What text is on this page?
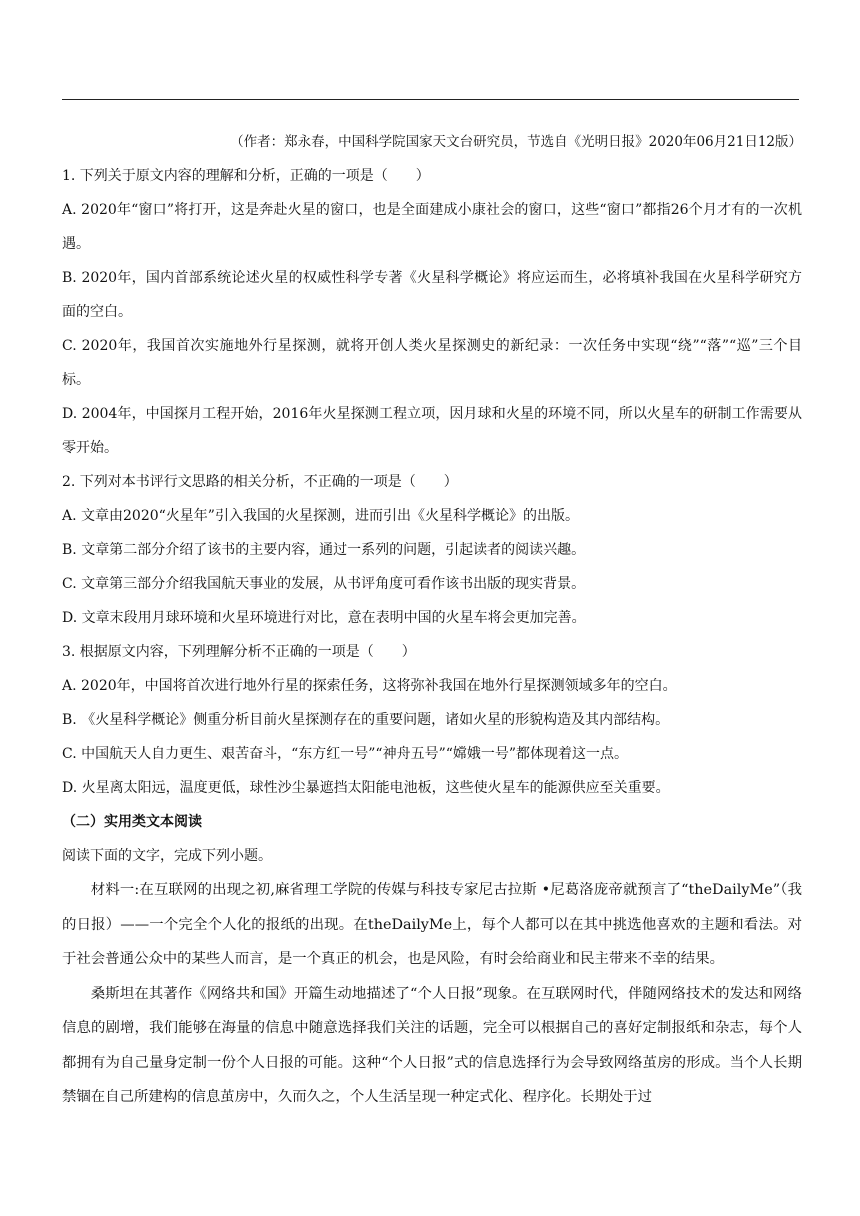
（作者：郑永春，中国科学院国家天文台研究员，节选自《光明日报》2020年06月21日12版）
1. 下列关于原文内容的理解和分析，正确的一项是（　　）
A. 2020年“窗口”将打开，这是奔赴火星的窗口，也是全面建成小康社会的窗口，这些“窗口”都指26个月才有的一次机遇。
B. 2020年，国内首部系统论述火星的权威性科学专著《火星科学概论》将应运而生，必将填补我国在火星科学研究方面的空白。
C. 2020年，我国首次实施地外行星探测，就将开创人类火星探测史的新纪录：一次任务中实现“绕”“落”“巡”三个目标。
D. 2004年，中国探月工程开始，2016年火星探测工程立项，因月球和火星的环境不同，所以火星车的研制工作需要从零开始。
2. 下列对本书评行文思路的相关分析，不正确的一项是（　　）
A. 文章由2020“火星年”引入我国的火星探测，进而引出《火星科学概论》的出版。
B. 文章第二部分介绍了该书的主要内容，通过一系列的问题，引起读者的阅读兴趣。
C. 文章第三部分介绍我国航天事业的发展，从书评角度可看作该书出版的现实背景。
D. 文章末段用月球环境和火星环境进行对比，意在表明中国的火星车将会更加完善。
3. 根据原文内容，下列理解分析不正确的一项是（　　）
A. 2020年，中国将首次进行地外行星的探索任务，这将弥补我国在地外行星探测领域多年的空白。
B. 《火星科学概论》侧重分析目前火星探测存在的重要问题，诸如火星的形貌构造及其内部结构。
C. 中国航天人自力更生、艰苦奋斗，“东方红一号”“神舟五号”“嫦娥一号”都体现着这一点。
D. 火星离太阳远，温度更低，球性沙尘暴遮挡太阳能电池板，这些使火星车的能源供应至关重要。
（二）实用类文本阅读
阅读下面的文字，完成下列小题。

材料一:在互联网的出现之初,麻省理工学院的传媒与科技专家尼古拉斯 •尼葛洛庞帝就预言了“theDailyMe”（我的日报）——一个完全个人化的报纸的出现。在theDailyMe上，每个人都可以在其中挑选他喜欢的主题和看法。对于社会普通公众中的某些人而言，是一个真正的机会，也是风险，有时会给商业和民主带来不幸的结果。

桑斯坦在其著作《网络共和国》开篇生动地描述了“个人日报”现象。在互联网时代，伴随网络技术的发达和网络信息的剧增，我们能够在海量的信息中随意选择我们关注的话题，完全可以根据自己的喜好定制报纸和杂志，每个人都拥有为自己量身定制一份个人日报的可能。这种“个人日报”式的信息选择行为会导致网络茧房的形成。当个人长期禁锢在自己所建构的信息茧房中，久而久之，个人生活呈现一种定式化、程序化。长期处于过
